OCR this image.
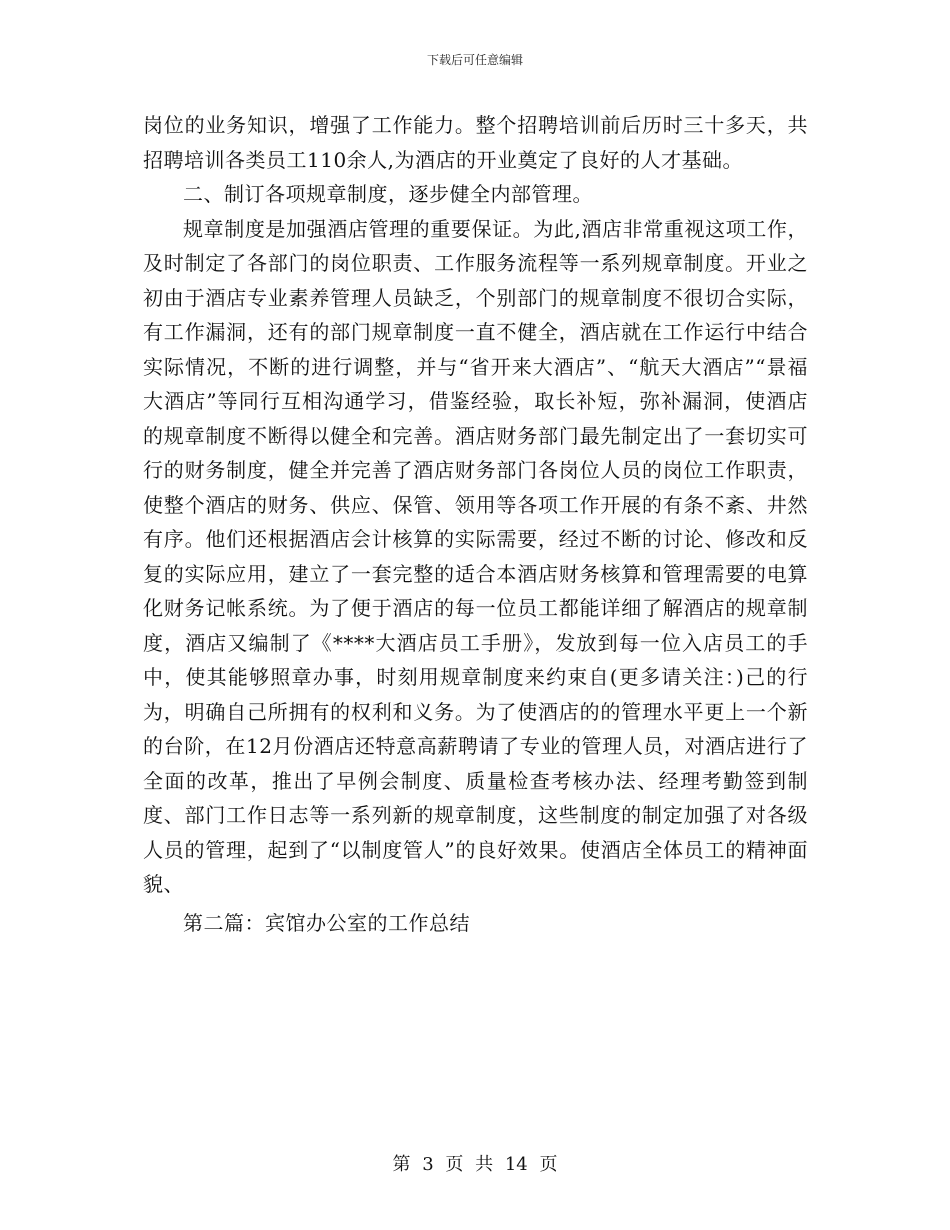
下载后可任意编辑

岗位的业务知识，增强了工作能力。整个招聘培训前后历时三十多天，共招聘培训各类员工110余人,为酒店的开业奠定了良好的人才基础。

二、制订各项规章制度，逐步健全内部管理。

规章制度是加强酒店管理的重要保证。为此,酒店非常重视这项工作，及时制定了各部门的岗位职责、工作服务流程等一系列规章制度。开业之初由于酒店专业素养管理人员缺乏，个别部门的规章制度不很切合实际，有工作漏洞，还有的部门规章制度一直不健全，酒店就在工作运行中结合实际情况，不断的进行调整，并与“省开来大酒店”、“航天大酒店”“景福大酒店”等同行互相沟通学习，借鉴经验，取长补短，弥补漏洞，使酒店的规章制度不断得以健全和完善。酒店财务部门最先制定出了一套切实可行的财务制度，健全并完善了酒店财务部门各岗位人员的岗位工作职责，使整个酒店的财务、供应、保管、领用等各项工作开展的有条不紊、井然有序。他们还根据酒店会计核算的实际需要，经过不断的讨论、修改和反复的实际应用，建立了一套完整的适合本酒店财务核算和管理需要的电算化财务记帐系统。为了便于酒店的每一位员工都能详细了解酒店的规章制度，酒店又编制了《****大酒店员工手册》，发放到每一位入店员工的手中，使其能够照章办事，时刻用规章制度来约束自(更多请关注：)己的行为，明确自己所拥有的权利和义务。为了使酒店的的管理水平更上一个新的台阶，在12月份酒店还特意高薪聘请了专业的管理人员，对酒店进行了全面的改革，推出了早例会制度、质量检查考核办法、经理考勤签到制度、部门工作日志等一系列新的规章制度，这些制度的制定加强了对各级人员的管理，起到了“以制度管人”的良好效果。使酒店全体员工的精神面貌、

第二篇：宾馆办公室的工作总结

第 3 页 共 14 页
